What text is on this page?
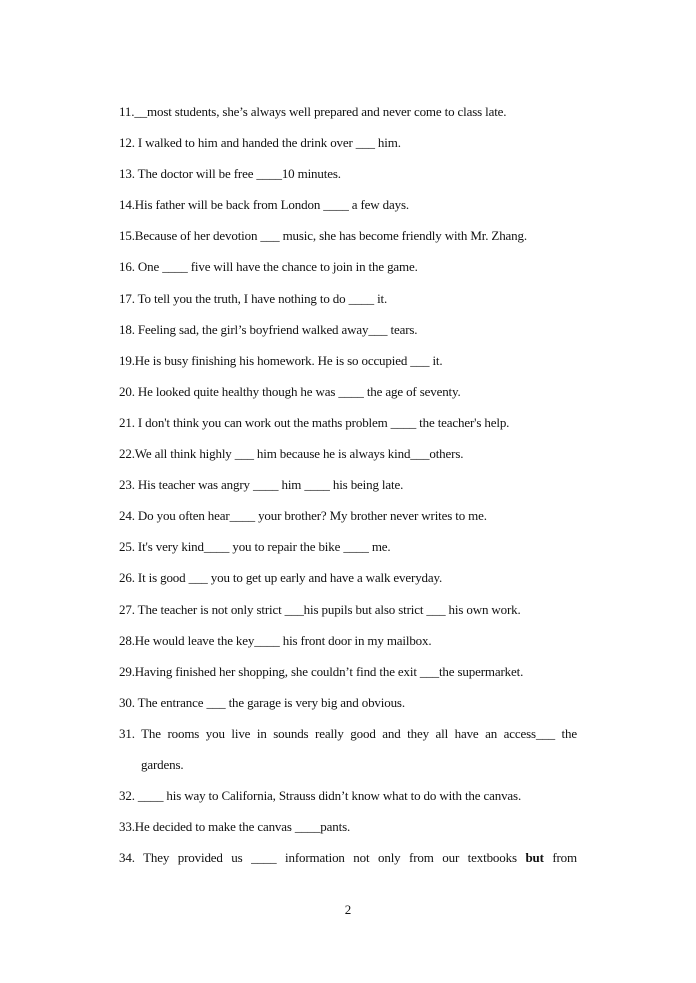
11.__most students, she’s always well prepared and never come to class late.
12. I walked to him and handed the drink over ___ him.
13. The doctor will be free ____10 minutes.
14.His father will be back from London ____ a few days.
15.Because of her devotion ___ music, she has become friendly with Mr. Zhang.
16. One ____ five will have the chance to join in the game.
17. To tell you the truth, I have nothing to do ____ it.
18. Feeling sad, the girl’s boyfriend walked away___ tears.
19.He is busy finishing his homework. He is so occupied ___ it.
20. He looked quite healthy though he was ____ the age of seventy.
21. I don't think you can work out the maths problem ____ the teacher's help.
22.We all think highly ___ him because he is always kind___others.
23. His teacher was angry ____ him ____ his being late.
24. Do you often hear____ your brother? My brother never writes to me.
25. It's very kind____ you to repair the bike ____ me.
26. It is good ___ you to get up early and have a walk everyday.
27. The teacher is not only strict ___his pupils but also strict ___ his own work.
28.He would leave the key____ his front door in my mailbox.
29.Having finished her shopping, she couldn’t find the exit ___the supermarket.
30. The entrance ___ the garage is very big and obvious.
31. The rooms you live in sounds really good and they all have an access___ the
gardens.
32. ____ his way to California, Strauss didn’t know what to do with the canvas.
33.He decided to make the canvas ____pants.
34. They provided us ____ information not only from our textbooks but from
2
